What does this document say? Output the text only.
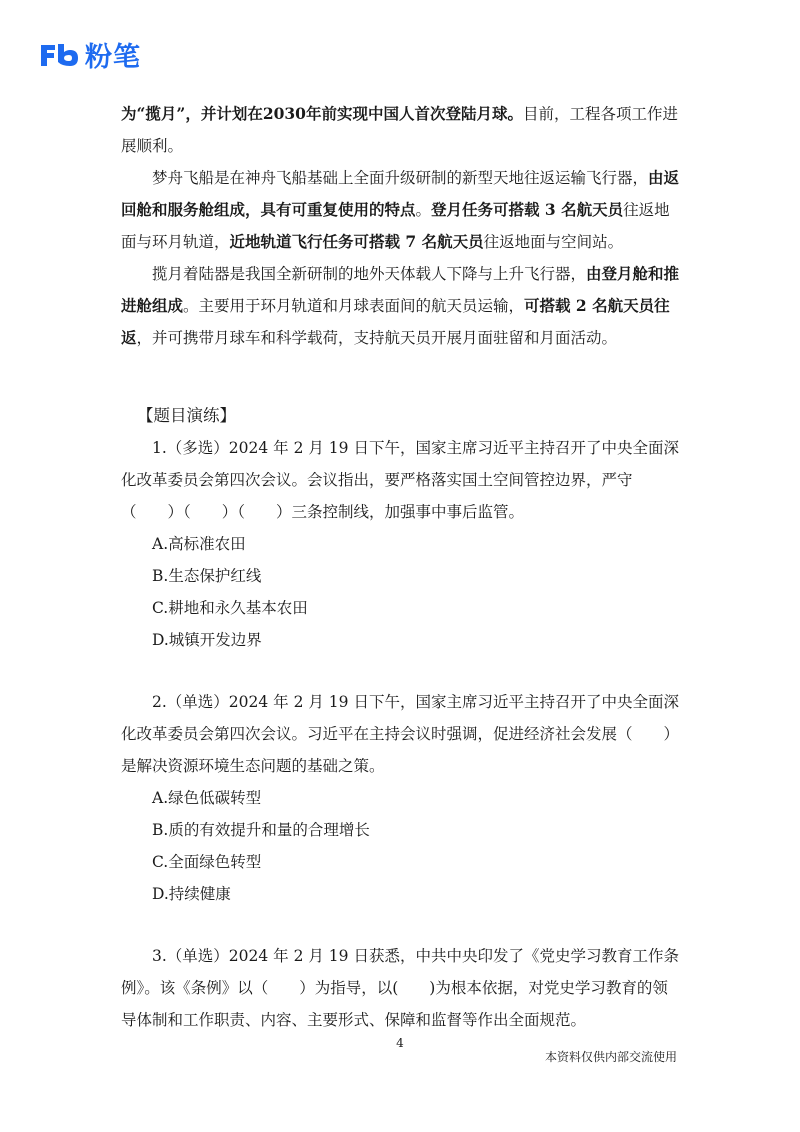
粉笔

为“揽月”，并计划在2030年前实现中国人首次登陆月球。目前，工程各项工作进展顺利。

梦舟飞船是在神舟飞船基础上全面升级研制的新型天地往返运输飞行器，由返回舱和服务舱组成，具有可重复使用的特点。登月任务可搭载 3 名航天员往返地面与环月轨道，近地轨道飞行任务可搭载 7 名航天员往返地面与空间站。

揽月着陆器是我国全新研制的地外天体载人下降与上升飞行器，由登月舱和推进舱组成。主要用于环月轨道和月球表面间的航天员运输，可搭载 2 名航天员往返，并可携带月球车和科学载荷，支持航天员开展月面驻留和月面活动。

【题目演练】

1.（多选）2024 年 2 月 19 日下午，国家主席习近平主持召开了中央全面深化改革委员会第四次会议。会议指出，要严格落实国土空间管控边界，严守（　　）（　　）（　　）三条控制线，加强事中事后监管。

A.高标准农田

B.生态保护红线

C.耕地和永久基本农田

D.城镇开发边界

2.（单选）2024 年 2 月 19 日下午，国家主席习近平主持召开了中央全面深化改革委员会第四次会议。习近平在主持会议时强调，促进经济社会发展（　　）是解决资源环境生态问题的基础之策。

A.绿色低碳转型

B.质的有效提升和量的合理增长

C.全面绿色转型

D.持续健康

3.（单选）2024 年 2 月 19 日获悉，中共中央印发了《党史学习教育工作条例》。该《条例》以（　　）为指导，以(　　)为根本依据，对党史学习教育的领导体制和工作职责、内容、主要形式、保障和监督等作出全面规范。

4
本资料仅供内部交流使用
